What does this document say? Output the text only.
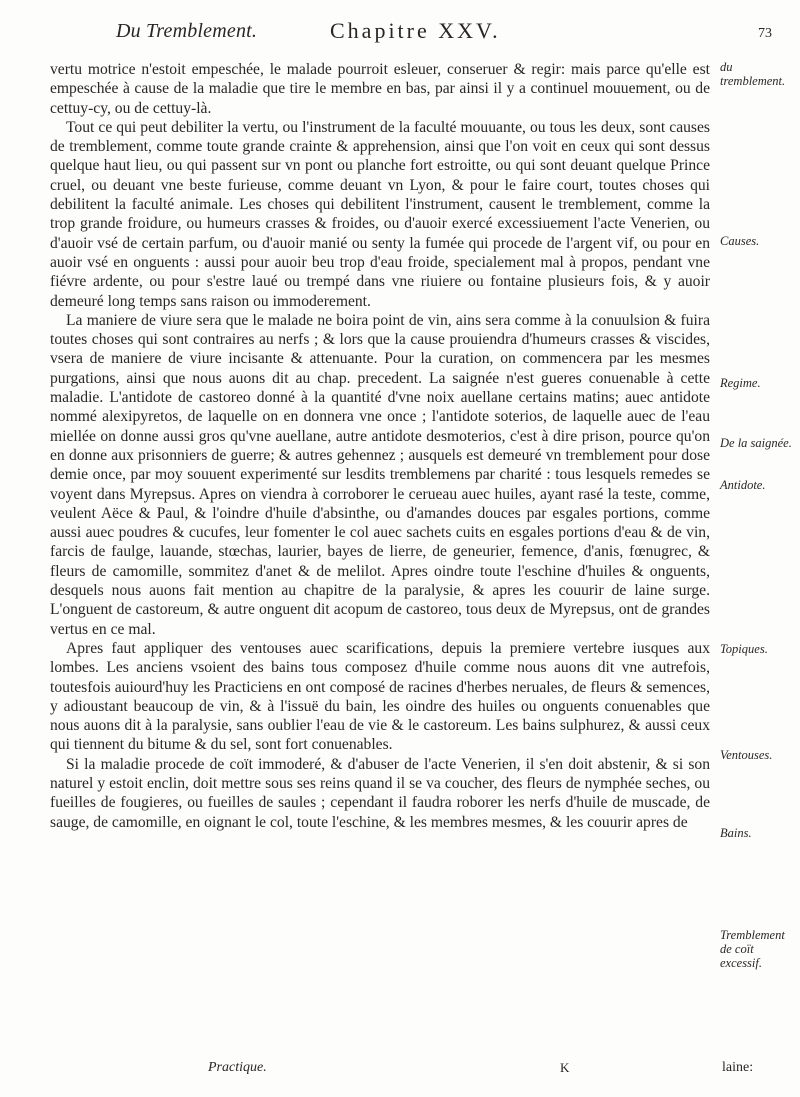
Du Tremblement.	Chapitre XXV.	73

vertu motrice n'estoit empeschée, le malade pourroit esleuer, conseruer & regir: mais parce qu'elle est empeschée à cause de la maladie que tire le membre en bas, par ainsi il y a continuel mouuement, ou de cettuy-cy, ou de cettuy-là.

Tout ce qui peut debiliter la vertu, ou l'instrument de la faculté mouuante, ou tous les deux, sont causes de tremblement, comme toute grande crainte & apprehension, ainsi que l'on voit en ceux qui sont dessus quelque haut lieu, ou qui passent sur vn pont ou planche fort estroitte, ou qui sont deuant quelque Prince cruel, ou deuant vne beste furieuse, comme deuant vn Lyon, & pour le faire court, toutes choses qui debilitent la faculté animale. Les choses qui debilitent l'instrument, causent le tremblement, comme la trop grande froidure, ou humeurs crasses & froides, ou d'auoir exercé excessiuement l'acte Venerien, ou d'auoir vsé de certain parfum, ou d'auoir manié ou senty la fumée qui procede de l'argent vif, ou pour en auoir vsé en onguents : aussi pour auoir beu trop d'eau froide, specialement mal à propos, pendant vne fiévre ardente, ou pour s'estre laué ou trempé dans vne riuiere ou fontaine plusieurs fois, & y auoir demeuré long temps sans raison ou immoderement.

La maniere de viure sera que le malade ne boira point de vin, ains sera comme à la conuulsion & fuira toutes choses qui sont contraires au nerfs ; & lors que la cause prouiendra d'humeurs crasses & viscides, vsera de maniere de viure incisante & attenuante. Pour la curation, on commencera par les mesmes purgations, ainsi que nous auons dit au chap. precedent. La saignée n'est gueres conuenable à cette maladie. L'antidote de castoreo donné à la quantité d'vne noix auellane certains matins; auec antidote nommé alexipyretos, de laquelle on en donnera vne once ; l'antidote soterios, de laquelle auec de l'eau miellée on donne aussi gros qu'vne auellane, autre antidote desmoterios, c'est à dire prison, pource qu'on en donne aux prisonniers de guerre; & autres gehennez ; ausquels est demeuré vn tremblement pour dose demie once, par moy souuent experimenté sur lesdits tremblemens par charité : tous lesquels remedes se voyent dans Myrepsus. Apres on viendra à corroborer le cerueau auec huiles, ayant rasé la teste, comme, veulent Aëce & Paul, & l'oindre d'huile d'absinthe, ou d'amandes douces par esgales portions, comme aussi auec poudres & cucufes, leur fomenter le col auec sachets cuits en esgales portions d'eau & de vin, farcis de faulge, lauande, stœchas, laurier, bayes de lierre, de geneurier, femence, d'anis, fœnugrec, & fleurs de camomille, sommitez d'anet & de melilot. Apres oindre toute l'eschine d'huiles & onguents, desquels nous auons fait mention au chapitre de la paralysie, & apres les couurir de laine surge. L'onguent de castoreum, & autre onguent dit acopum de castoreo, tous deux de Myrepsus, ont de grandes vertus en ce mal.

Apres faut appliquer des ventouses auec scarifications, depuis la premiere vertebre iusques aux lombes. Les anciens vsoient des bains tous composez d'huile comme nous auons dit vne autrefois, toutesfois auiourd'huy les Practiciens en ont composé de racines d'herbes neruales, de fleurs & semences, y adioustant beaucoup de vin, & à l'issuë du bain, les oindre des huiles ou onguents conuenables que nous auons dit à la paralysie, sans oublier l'eau de vie & le castoreum. Les bains sulphurez, & aussi ceux qui tiennent du bitume & du sel, sont fort conuenables.

Si la maladie procede de coït immoderé, & d'abuser de l'acte Venerien, il s'en doit abstenir, & si son naturel y estoit enclin, doit mettre sous ses reins quand il se va coucher, des fleurs de nymphée seches, ou fueilles de fougieres, ou fueilles de saules ; cependant il faudra roborer les nerfs d'huile de muscade, de sauge, de camomille, en oignant le col, toute l'eschine, & les membres mesmes, & les couurir apres de

du tremblement.
Causes.
Regime.
De la saignée.
Antidote.
Topiques.
Ventouses.
Bains.
Tremblement de coït excessif.
Practique.	K	laine:
